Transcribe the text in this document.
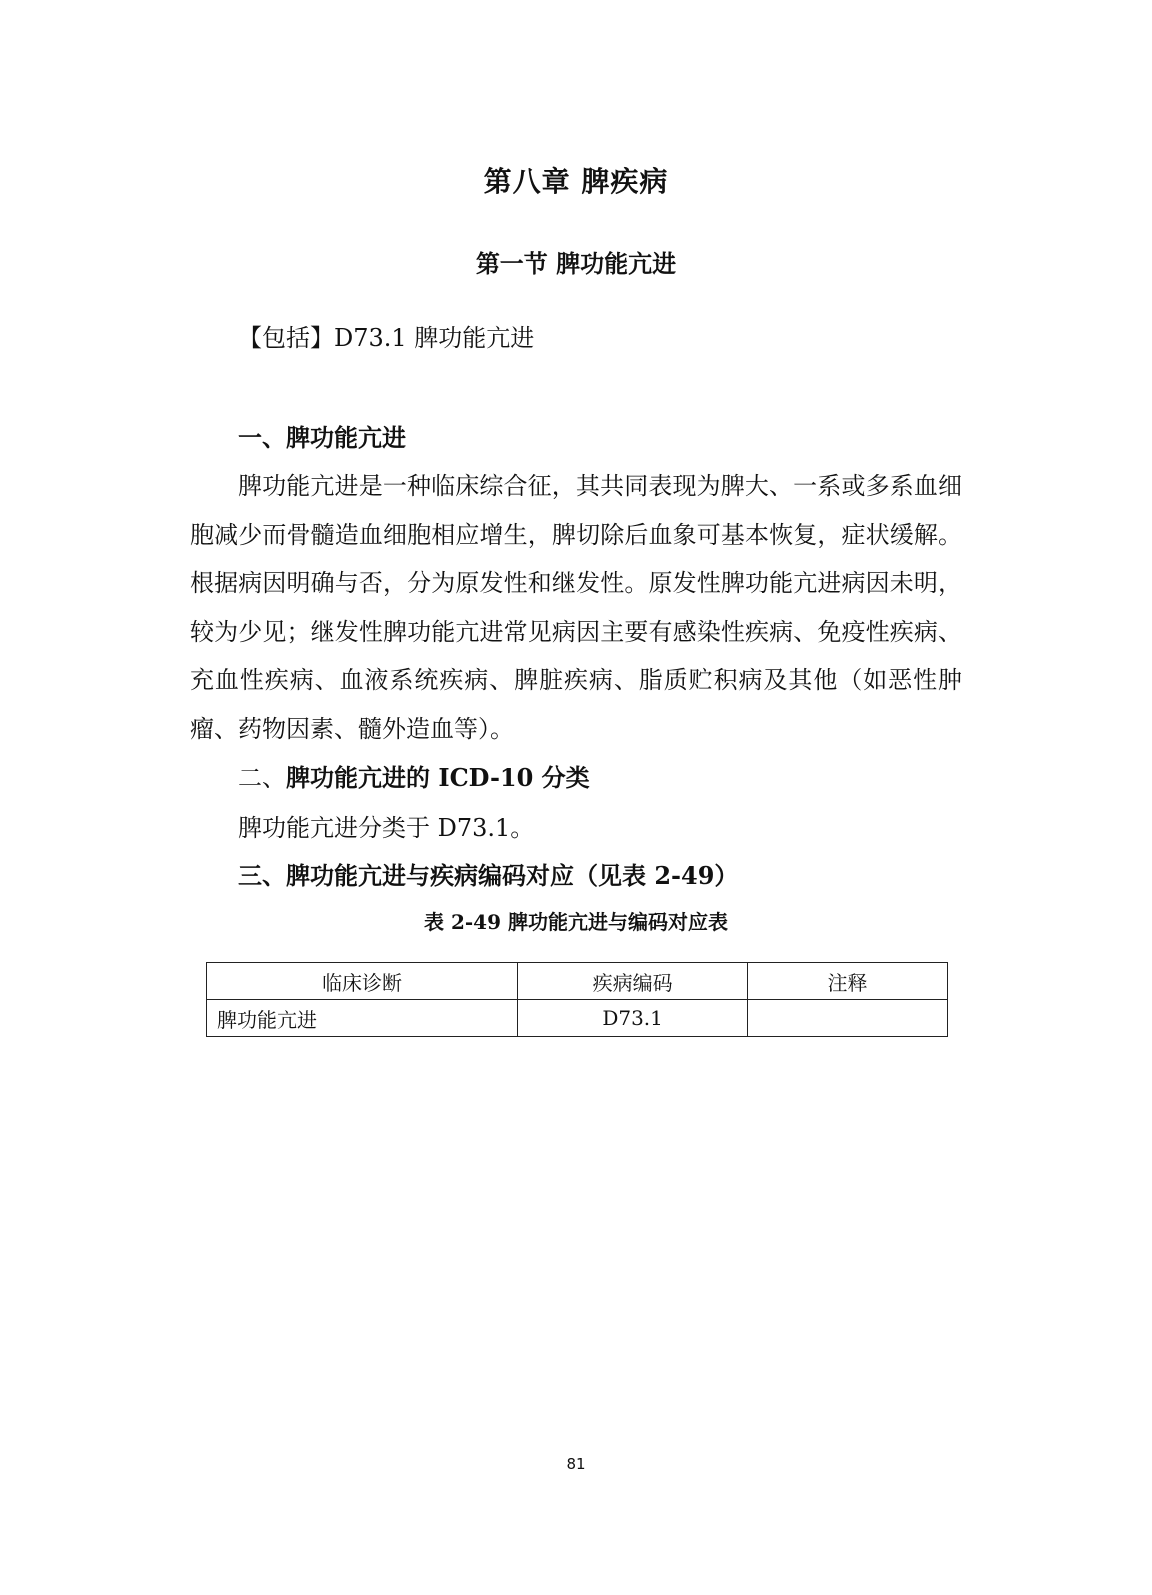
第八章 脾疾病
第一节 脾功能亢进
【包括】D73.1 脾功能亢进
一、脾功能亢进

脾功能亢进是一种临床综合征，其共同表现为脾大、一系或多系血细胞减少而骨髓造血细胞相应增生，脾切除后血象可基本恢复，症状缓解。根据病因明确与否，分为原发性和继发性。原发性脾功能亢进病因未明，较为少见；继发性脾功能亢进常见病因主要有感染性疾病、免疫性疾病、充血性疾病、血液系统疾病、脾脏疾病、脂质贮积病及其他（如恶性肿瘤、药物因素、髓外造血等）。

二、脾功能亢进的 ICD-10 分类
脾功能亢进分类于 D73.1。
三、脾功能亢进与疾病编码对应（见表 2-49）
表 2-49 脾功能亢进与编码对应表
临床诊断	疾病编码	注释
脾功能亢进	D73.1	
81
